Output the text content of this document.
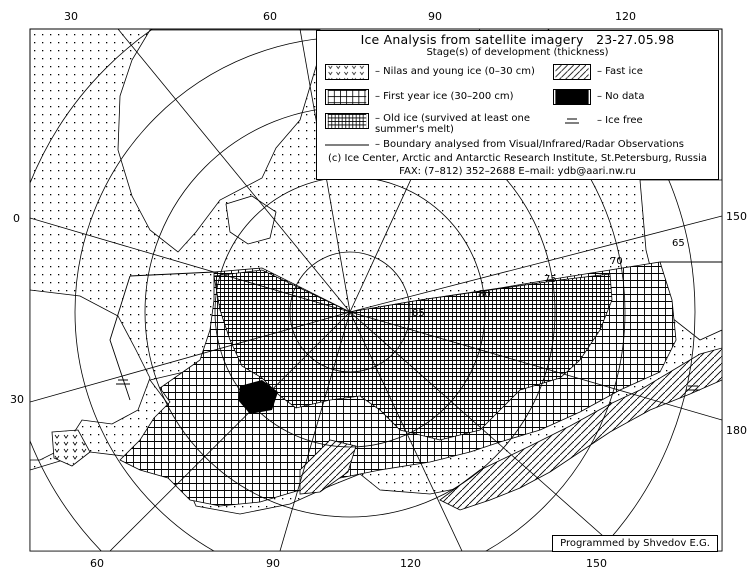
85
80
75
70
65
30	60	90	120
60	90	120	150
0
30
150
180
Ice Analysis from satellite imagery 23-27.05.98
Stage(s) of development (thickness)
– Nilas and young ice (0–30 cm)	– Fast ice
– First year ice (30–200 cm)	– No data
– Old ice (survived at least one summer's melt)
– Ice free
– Boundary analysed from Visual/Infrared/Radar Observations
(c) Ice Center, Arctic and Antarctic Research Institute, St.Petersburg, Russia
FAX: (7–812) 352–2688 E–mail: ydb@aari.nw.ru
Programmed by Shvedov E.G.
